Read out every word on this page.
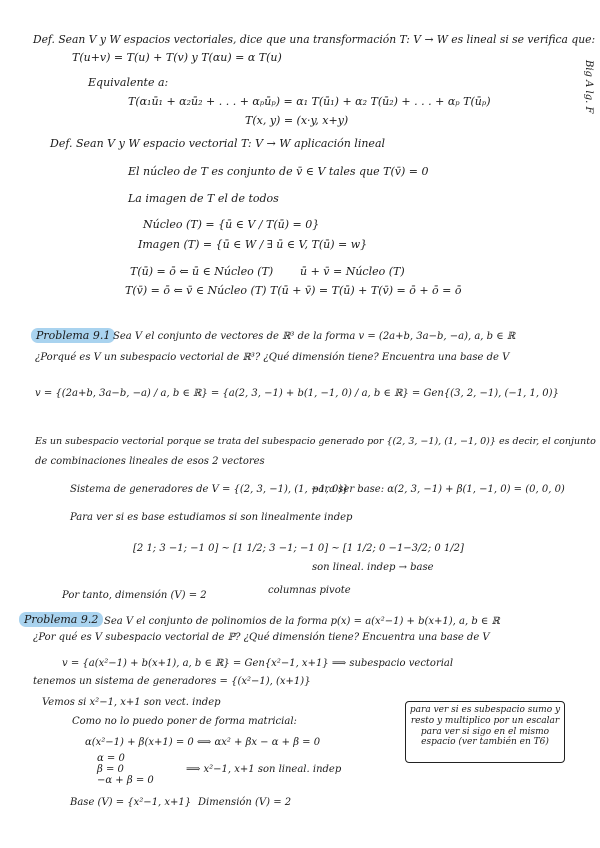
Big A lg. F
Def. Sean V y W espacios vectoriales, dice que una transformación T: V → W es lineal si se verifica que:
T(u+v) = T(u) + T(v) y T(αu) = α T(u)
Equivalente a:
T(α₁ū₁ + α₂ū₂ + . . . + αₚūₚ) = α₁ T(ū₁) + α₂ T(ū₂) + . . . + αₚ T(ūₚ)
T(x, y) = (x·y, x+y)
Def. Sean V y W espacio vectorial T: V → W aplicación lineal
El núcleo de T es conjunto de v̄ ∈ V tales que T(v̄) = 0
La imagen de T el de todos
Núcleo (T) = {ū ∈ V / T(ū) = 0}
Imagen (T) = {ū ∈ W / ∃ ū ∈ V, T(ū) = w}
T(ū) = ō ⇐ ū ∈ Núcleo (T) ū + v̄ = Núcleo (T)
T(v̄) = ō ⇐ v̄ ∈ Núcleo (T) T(ū + v̄) = T(ū) + T(v̄) = ō + ō = ō
Problema 9.1 Sea V el conjunto de vectores de ℝ³ de la forma v = (2a+b, 3a−b, −a), a, b ∈ ℝ
¿Porqué es V un subespacio vectorial de ℝ³? ¿Qué dimensión tiene? Encuentra una base de V
v = {(2a+b, 3a−b, −a) / a, b ∈ ℝ} = {a(2, 3, −1) + b(1, −1, 0) / a, b ∈ ℝ} = Gen{(3, 2, −1), (−1, 1, 0)}
Es un subespacio vectorial porque se trata del subespacio generado por {(2, 3, −1), (1, −1, 0)} es decir, el conjunto
de combinaciones lineales de esos 2 vectores
Sistema de generadores de V = {(2, 3, −1), (1, −1, 0)}
para ser base: α(2, 3, −1) + β(1, −1, 0) = (0, 0, 0)
Para ver si es base estudiamos si son linealmente indep
[2 1; 3 −1; −1 0] ~ [1 1/2; 3 −1; −1 0] ~ [1 1/2; 0 −1−3/2; 0 1/2]
son lineal. indep → base
columnas pivote
Por tanto, dimensión (V) = 2
Problema 9.2 Sea V el conjunto de polinomios de la forma p(x) = a(x²−1) + b(x+1), a, b ∈ ℝ
¿Por qué es V subespacio vectorial de ℙ? ¿Qué dimensión tiene? Encuentra una base de V
v = {a(x²−1) + b(x+1), a, b ∈ ℝ} = Gen{x²−1, x+1} ⟹ subespacio vectorial
tenemos un sistema de generadores = {(x²−1), (x+1)}
Vemos si x²−1, x+1 son vect. indep
Como no lo puedo poner de forma matricial:
α(x²−1) + β(x+1) = 0 ⟺ αx² + βx − α + β = 0
α = 0
β = 0
−α + β = 0
⟹ x²−1, x+1 son lineal. indep
Base (V) = {x²−1, x+1} Dimensión (V) = 2
para ver si es subespacio sumo y resto y multiplico por un escalar para ver si sigo en el mismo espacio (ver también en T6)
